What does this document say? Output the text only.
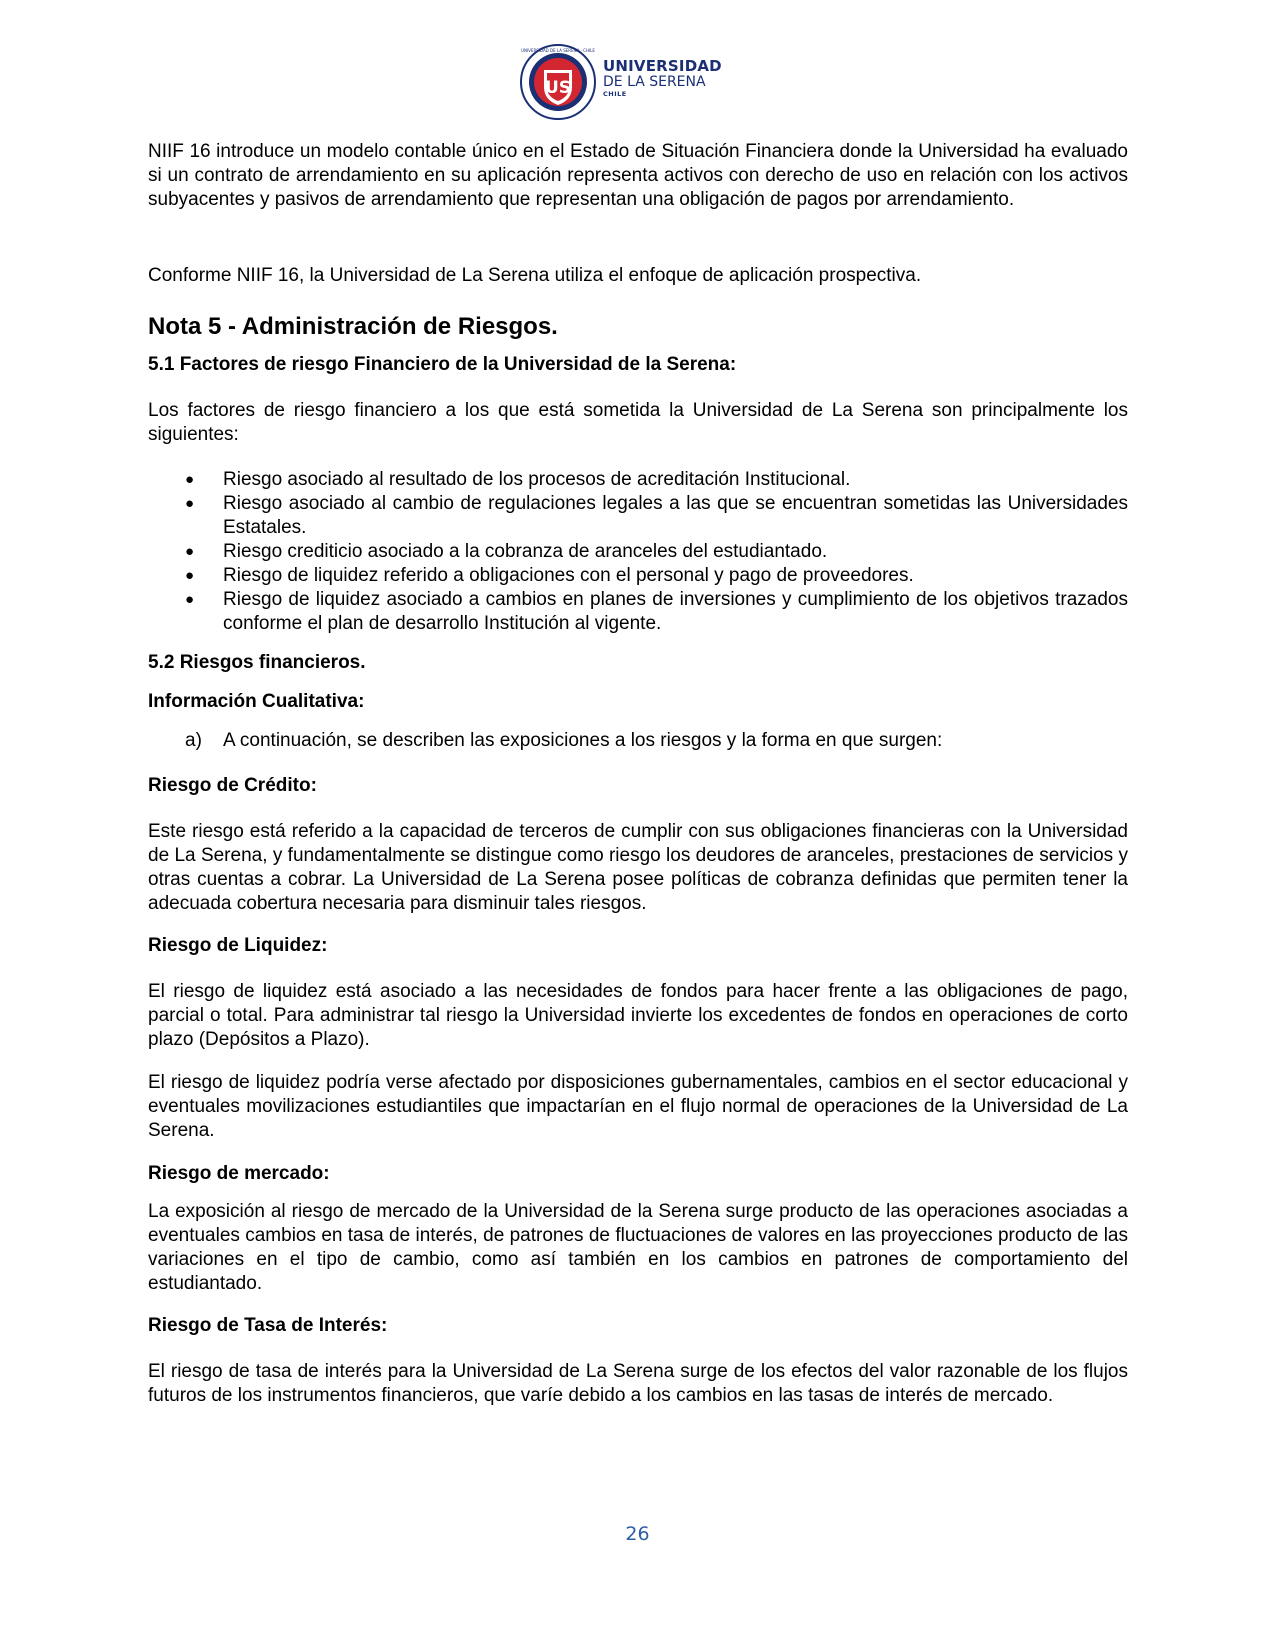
US
UNIVERSIDAD DE LA SERENA · CHILE
UNIVERSIDAD
DE LA SERENA
CHILE

NIIF 16 introduce un modelo contable único en el Estado de Situación Financiera donde la Universidad ha evaluado si un contrato de arrendamiento en su aplicación representa activos con derecho de uso en relación con los activos subyacentes y pasivos de arrendamiento que representan una obligación de pagos por arrendamiento.

Conforme NIIF 16, la Universidad de La Serena utiliza el enfoque de aplicación prospectiva.

Nota 5 - Administración de Riesgos.

5.1 Factores de riesgo Financiero de la Universidad de la Serena:

Los factores de riesgo financiero a los que está sometida la Universidad de La Serena son principalmente los siguientes:

● Riesgo asociado al resultado de los procesos de acreditación Institucional.
● Riesgo asociado al cambio de regulaciones legales a las que se encuentran sometidas las Universidades Estatales.
● Riesgo crediticio asociado a la cobranza de aranceles del estudiantado.
● Riesgo de liquidez referido a obligaciones con el personal y pago de proveedores.
● Riesgo de liquidez asociado a cambios en planes de inversiones y cumplimiento de los objetivos trazados conforme el plan de desarrollo Institución al vigente.

5.2 Riesgos financieros.

Información Cualitativa:

a) A continuación, se describen las exposiciones a los riesgos y la forma en que surgen:

Riesgo de Crédito:

Este riesgo está referido a la capacidad de terceros de cumplir con sus obligaciones financieras con la Universidad de La Serena, y fundamentalmente se distingue como riesgo los deudores de aranceles, prestaciones de servicios y otras cuentas a cobrar. La Universidad de La Serena posee políticas de cobranza definidas que permiten tener la adecuada cobertura necesaria para disminuir tales riesgos.

Riesgo de Liquidez:

El riesgo de liquidez está asociado a las necesidades de fondos para hacer frente a las obligaciones de pago, parcial o total. Para administrar tal riesgo la Universidad invierte los excedentes de fondos en operaciones de corto plazo (Depósitos a Plazo).

El riesgo de liquidez podría verse afectado por disposiciones gubernamentales, cambios en el sector educacional y eventuales movilizaciones estudiantiles que impactarían en el flujo normal de operaciones de la Universidad de La Serena.

Riesgo de mercado:

La exposición al riesgo de mercado de la Universidad de la Serena surge producto de las operaciones asociadas a eventuales cambios en tasa de interés, de patrones de fluctuaciones de valores en las proyecciones producto de las variaciones en el tipo de cambio, como así también en los cambios en patrones de comportamiento del estudiantado.

Riesgo de Tasa de Interés:

El riesgo de tasa de interés para la Universidad de La Serena surge de los efectos del valor razonable de los flujos futuros de los instrumentos financieros, que varíe debido a los cambios en las tasas de interés de mercado.

26
